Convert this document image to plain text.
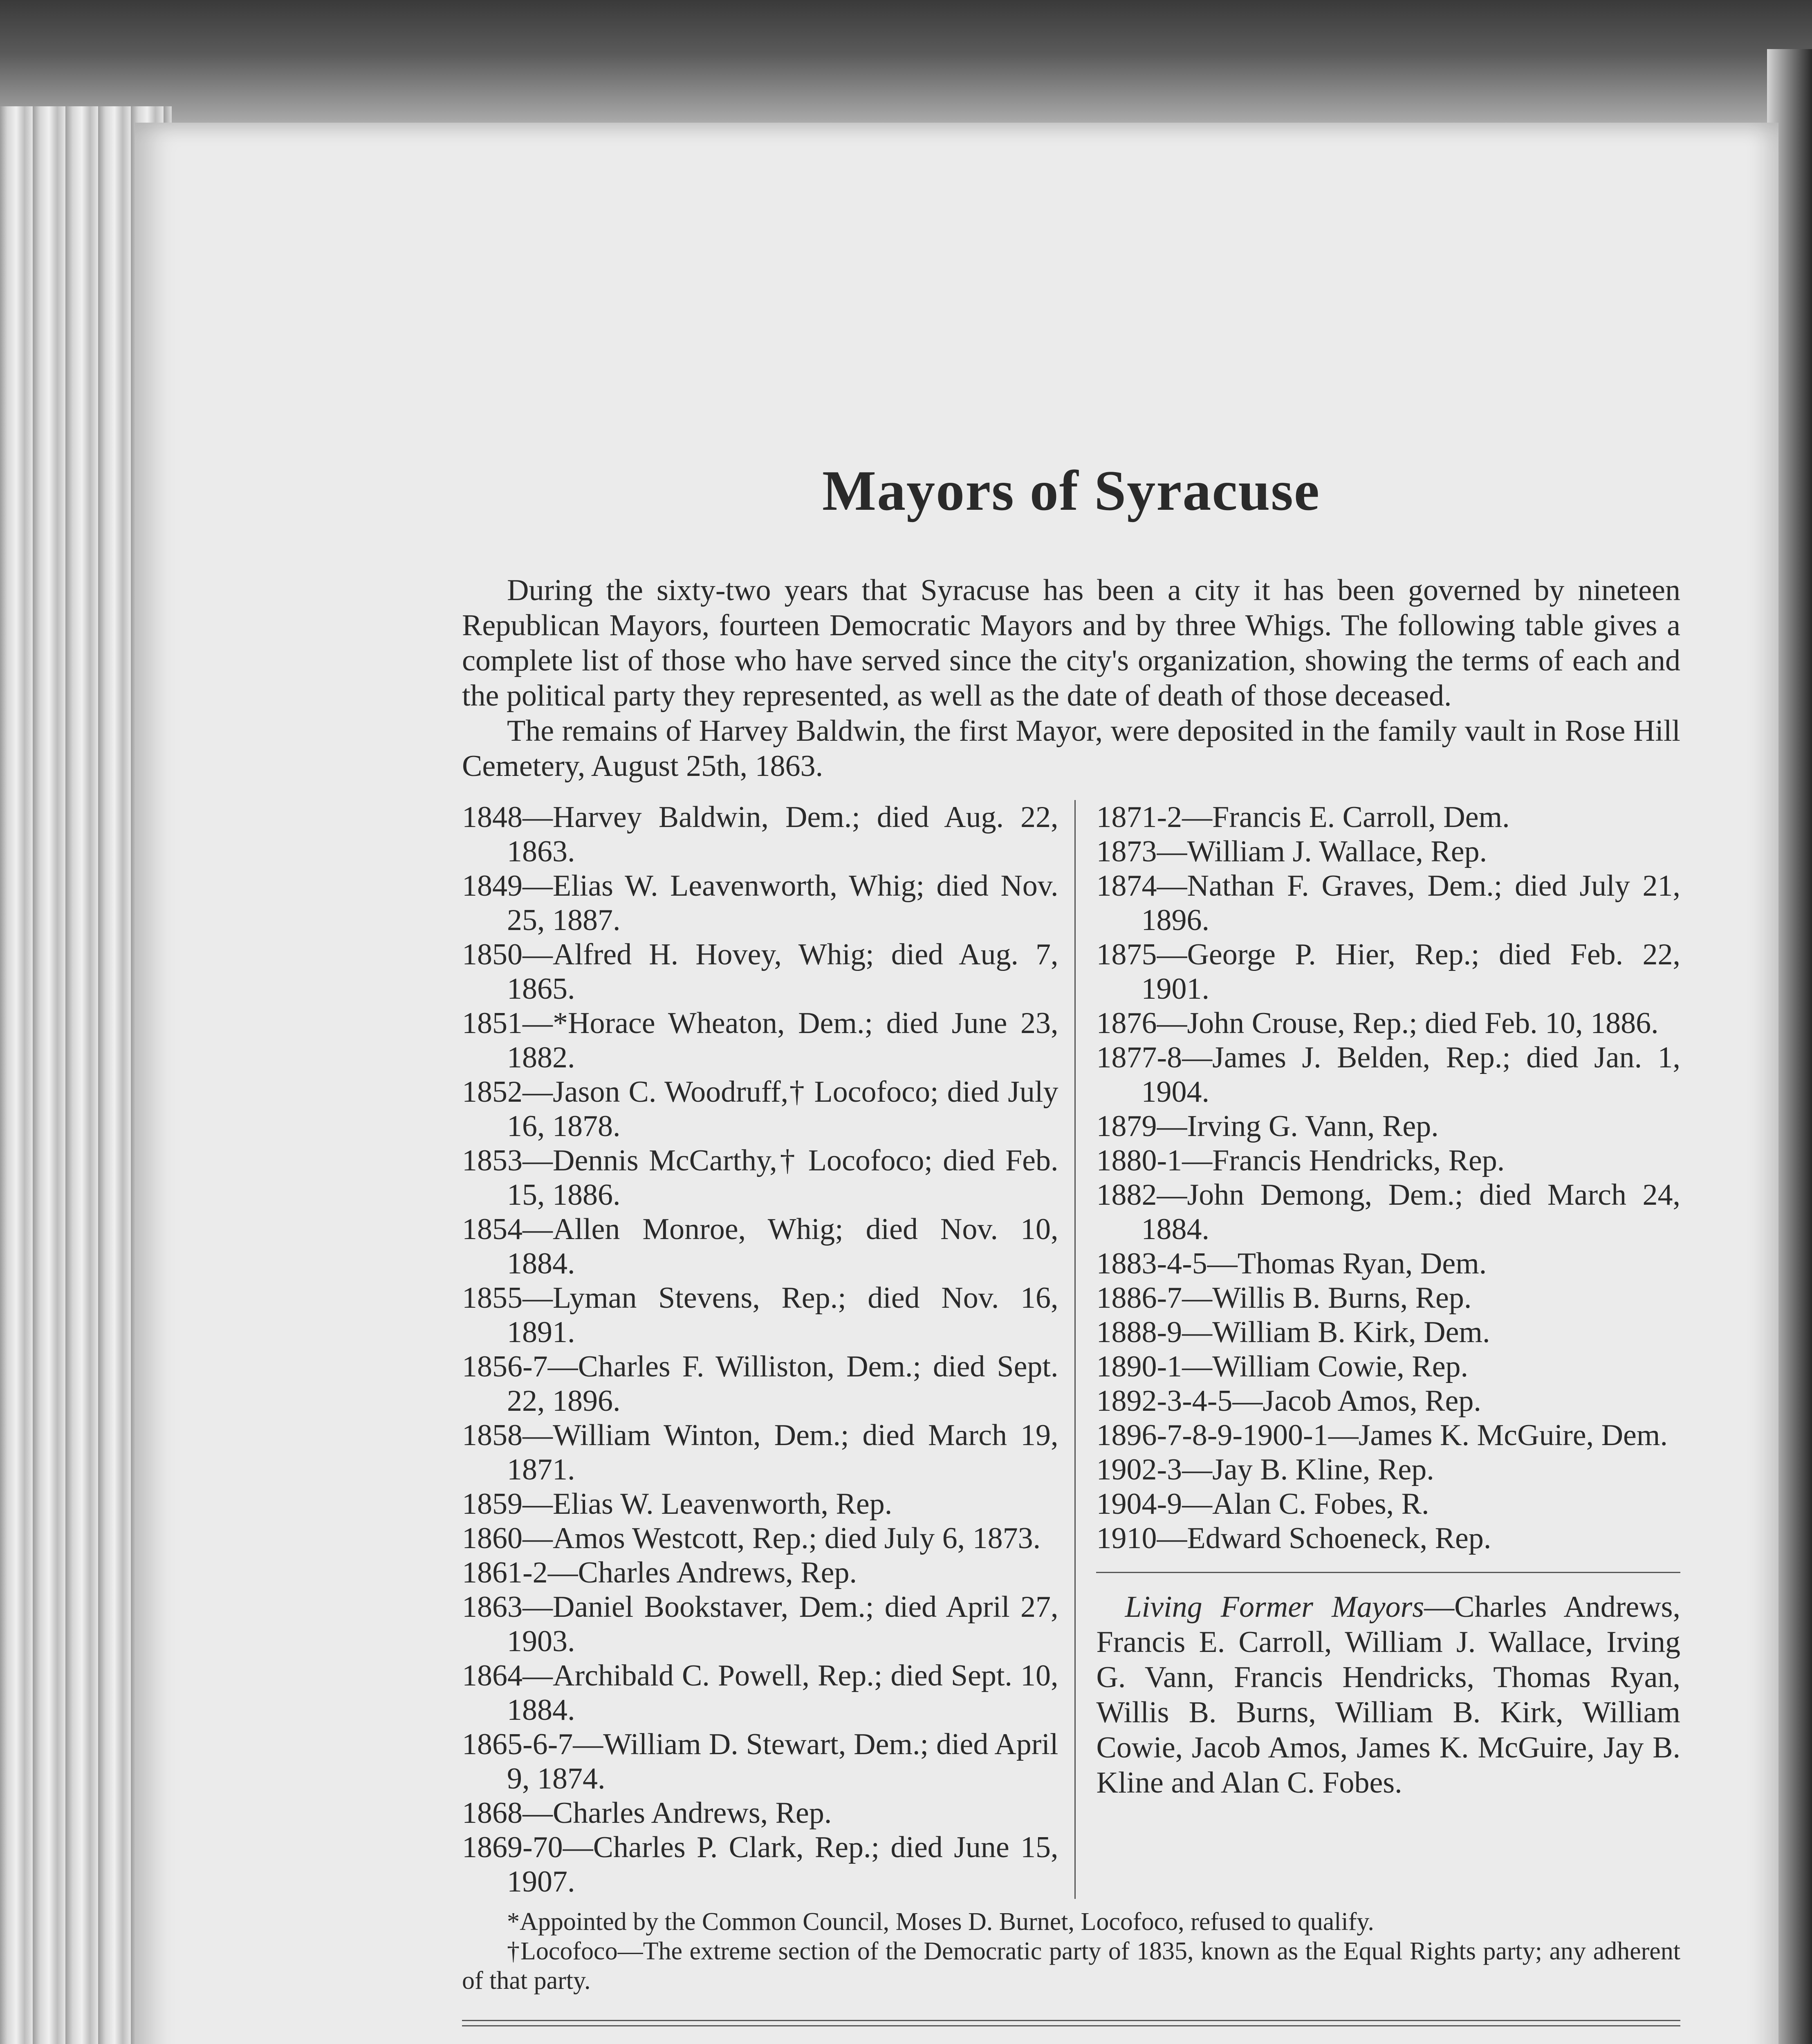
Mayors of Syracuse

During the sixty-two years that Syracuse has been a city it has been governed by nineteen Republican Mayors, fourteen Democratic Mayors and by three Whigs. The following table gives a complete list of those who have served since the city's organization, showing the terms of each and the political party they represented, as well as the date of death of those deceased.

The remains of Harvey Baldwin, the first Mayor, were deposited in the family vault in Rose Hill Cemetery, August 25th, 1863.

1848—Harvey Baldwin, Dem.; died Aug. 22, 1863.
1849—Elias W. Leavenworth, Whig; died Nov. 25, 1887.
1850—Alfred H. Hovey, Whig; died Aug. 7, 1865.
1851—*Horace Wheaton, Dem.; died June 23, 1882.
1852—Jason C. Woodruff,† Locofoco; died July 16, 1878.
1853—Dennis McCarthy,† Locofoco; died Feb. 15, 1886.
1854—Allen Monroe, Whig; died Nov. 10, 1884.
1855—Lyman Stevens, Rep.; died Nov. 16, 1891.
1856-7—Charles F. Williston, Dem.; died Sept. 22, 1896.
1858—William Winton, Dem.; died March 19, 1871.
1859—Elias W. Leavenworth, Rep.
1860—Amos Westcott, Rep.; died July 6, 1873.
1861-2—Charles Andrews, Rep.
1863—Daniel Bookstaver, Dem.; died April 27, 1903.
1864—Archibald C. Powell, Rep.; died Sept. 10, 1884.
1865-6-7—William D. Stewart, Dem.; died April 9, 1874.
1868—Charles Andrews, Rep.
1869-70—Charles P. Clark, Rep.; died June 15, 1907.
1871-2—Francis E. Carroll, Dem.
1873—William J. Wallace, Rep.
1874—Nathan F. Graves, Dem.; died July 21, 1896.
1875—George P. Hier, Rep.; died Feb. 22, 1901.
1876—John Crouse, Rep.; died Feb. 10, 1886.
1877-8—James J. Belden, Rep.; died Jan. 1, 1904.
1879—Irving G. Vann, Rep.
1880-1—Francis Hendricks, Rep.
1882—John Demong, Dem.; died March 24, 1884.
1883-4-5—Thomas Ryan, Dem.
1886-7—Willis B. Burns, Rep.
1888-9—William B. Kirk, Dem.
1890-1—William Cowie, Rep.
1892-3-4-5—Jacob Amos, Rep.
1896-7-8-9-1900-1—James K. McGuire, Dem.
1902-3—Jay B. Kline, Rep.
1904-9—Alan C. Fobes, R.
1910—Edward Schoeneck, Rep.
Living Former Mayors—Charles Andrews, Francis E. Carroll, William J. Wallace, Irving G. Vann, Francis Hendricks, Thomas Ryan, Willis B. Burns, William B. Kirk, William Cowie, Jacob Amos, James K. McGuire, Jay B. Kline and Alan C. Fobes.

*Appointed by the Common Council, Moses D. Burnet, Locofoco, refused to qualify.

†Locofoco—The extreme section of the Democratic party of 1835, known as the Equal Rights party; any adherent of that party.
